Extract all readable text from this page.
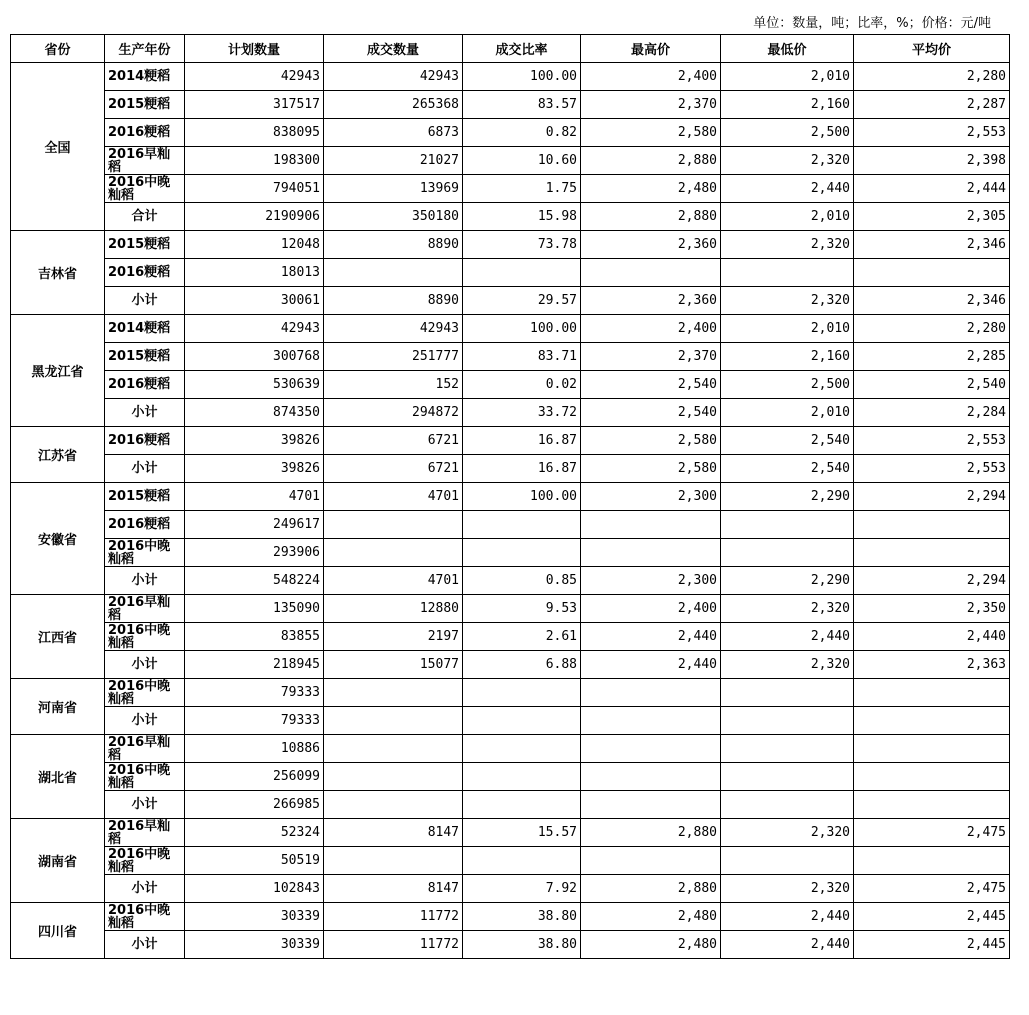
单位：数量，吨；比率，%；价格：元/吨
省份	生产年份	计划数量	成交数量	成交比率	最高价	最低价	平均价
全国	2014粳稻	42943	42943	100.00	2,400	2,010	2,280
	2015粳稻	317517	265368	83.57	2,370	2,160	2,287
	2016粳稻	838095	6873	0.82	2,580	2,500	2,553
	2016早籼稻	198300	21027	10.60	2,880	2,320	2,398
	2016中晚籼稻	794051	13969	1.75	2,480	2,440	2,444
	合计	2190906	350180	15.98	2,880	2,010	2,305
吉林省	2015粳稻	12048	8890	73.78	2,360	2,320	2,346
	2016粳稻	18013					
	小计	30061	8890	29.57	2,360	2,320	2,346
黑龙江省	2014粳稻	42943	42943	100.00	2,400	2,010	2,280
	2015粳稻	300768	251777	83.71	2,370	2,160	2,285
	2016粳稻	530639	152	0.02	2,540	2,500	2,540
	小计	874350	294872	33.72	2,540	2,010	2,284
江苏省	2016粳稻	39826	6721	16.87	2,580	2,540	2,553
	小计	39826	6721	16.87	2,580	2,540	2,553
安徽省	2015粳稻	4701	4701	100.00	2,300	2,290	2,294
	2016粳稻	249617					
	2016中晚籼稻	293906					
	小计	548224	4701	0.85	2,300	2,290	2,294
江西省	2016早籼稻	135090	12880	9.53	2,400	2,320	2,350
	2016中晚籼稻	83855	2197	2.61	2,440	2,440	2,440
	小计	218945	15077	6.88	2,440	2,320	2,363
河南省	2016中晚籼稻	79333					
	小计	79333					
湖北省	2016早籼稻	10886					
	2016中晚籼稻	256099					
	小计	266985					
湖南省	2016早籼稻	52324	8147	15.57	2,880	2,320	2,475
	2016中晚籼稻	50519					
	小计	102843	8147	7.92	2,880	2,320	2,475
四川省	2016中晚籼稻	30339	11772	38.80	2,480	2,440	2,445
	小计	30339	11772	38.80	2,480	2,440	2,445
